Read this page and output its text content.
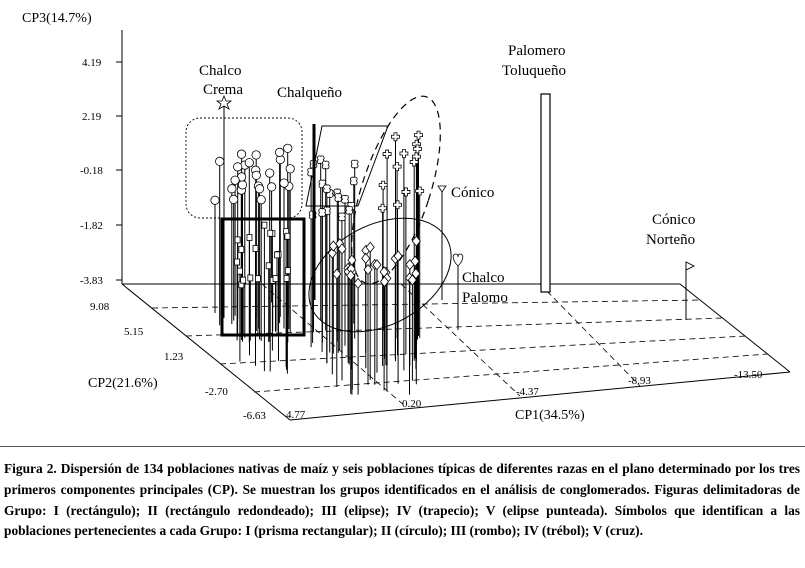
4.19
2.19
-0.18
-1.82
-3.83
9.08
5.15
1.23
-2.70
-6.63 4.77
0.20
-4.37
-8.93	-13.50
CP3(14.7%)
CP2(21.6%)
CP1(34.5%)
Chalco Crema Chalqueño
Palomero Toluqueño
Cónico
Cónico Norteño
Chalco Palomo
Figura 2. Dispersión de 134 poblaciones nativas de maíz y seis poblaciones típicas de diferentes razas en el plano determinado por los tres primeros componentes principales (CP). Se muestran los grupos identificados en el análisis de conglomerados. Figuras delimitadoras de Grupo: I (rectángulo); II (rectángulo redondeado); III (elipse); IV (trapecio); V (elipse punteada). Símbolos que identifican a las poblaciones pertenecientes a cada Grupo: I (prisma rectangular); II (círculo); III (rombo); IV (trébol); V (cruz).
